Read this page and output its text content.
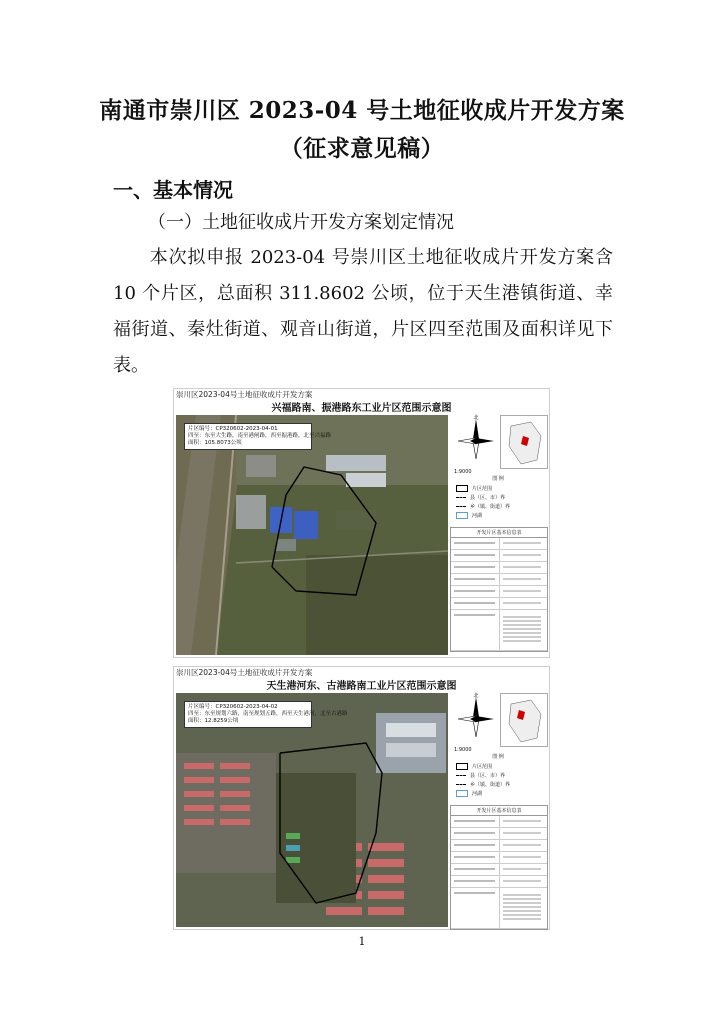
南通市崇川区 2023-04 号土地征收成片开发方案
（征求意见稿）
一、基本情况
（一）土地征收成片开发方案划定情况

  本次拟申报 2023-04 号崇川区土地征收成片开发方案含 10 个片区，总面积 311.8602 公顷，位于天生港镇街道、幸福街道、秦灶街道、观音山街道，片区四至范围及面积详见下表。

崇川区2023-04号土地征收成片开发方案
兴福路南、振港路东工业片区范围示意图
片区编号：CP320602-2023-04-01
四至：东至大生路，南至港闸路，西至振港路，北至兴福路
面积：105.8073公顷
北
1:9000
图 例
片区范围
县（区、市）界
乡（镇、街道）界
河湖
开发片区基本信息表
崇川区2023-04号土地征收成片开发方案
天生港河东、古港路南工业片区范围示意图
片区编号：CP320602-2023-04-02
四至：东至规划六路，南至规划五路，西至天生港河，北至古港路
面积：12.8259公顷
北
1:9000
图 例
片区范围
县（区、市）界
乡（镇、街道）界
河湖
开发片区基本信息表
1
